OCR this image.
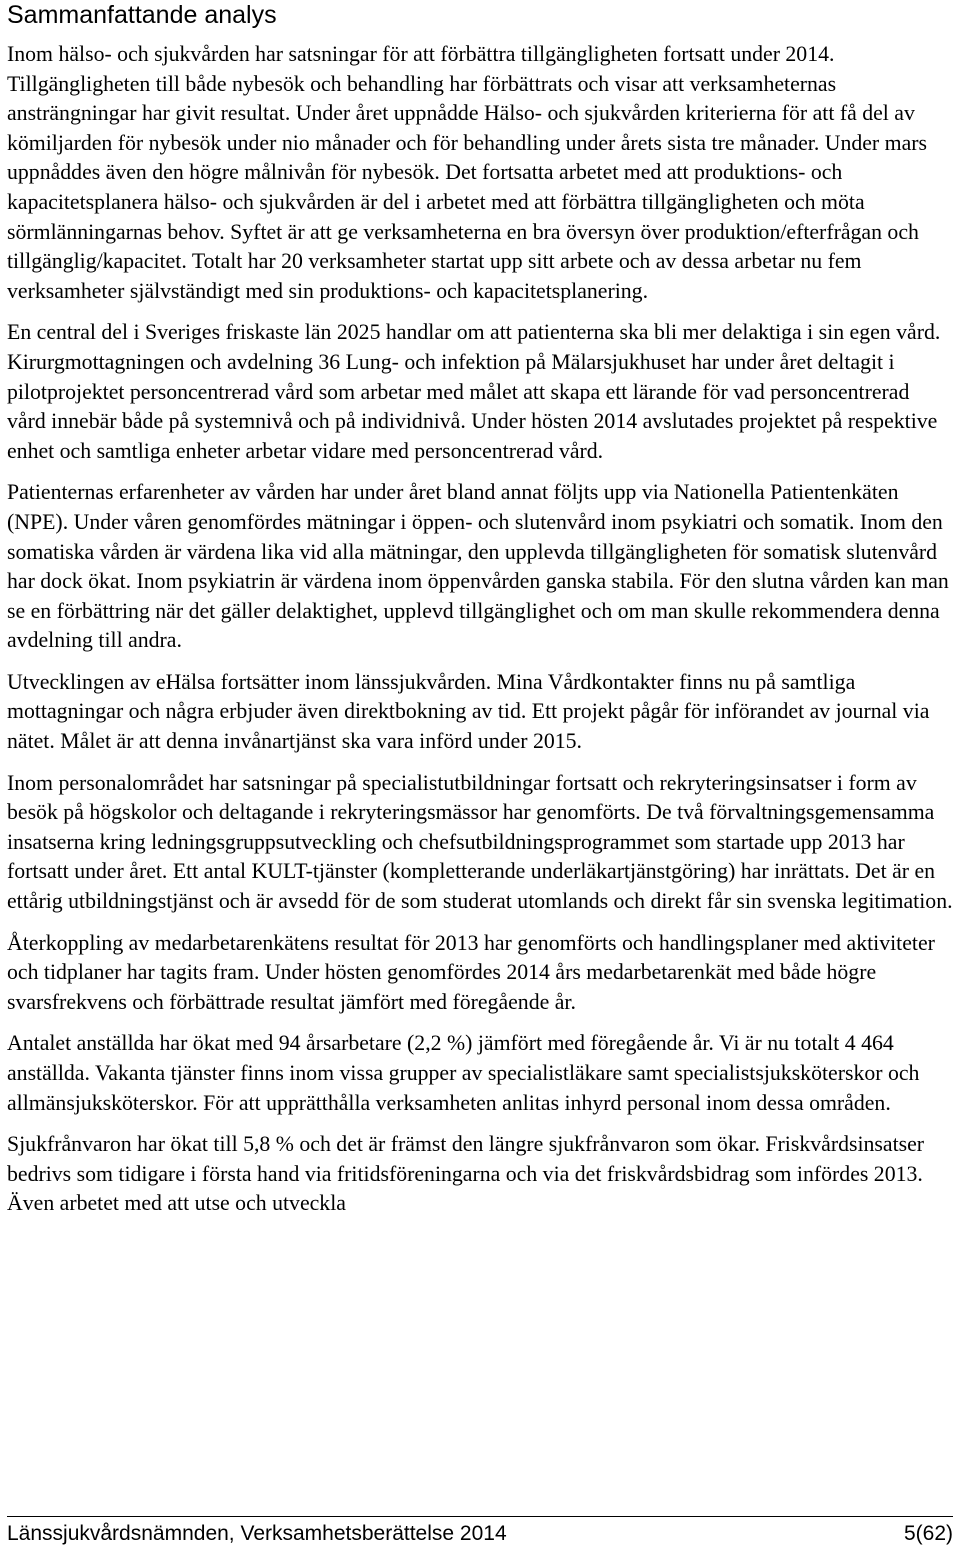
Sammanfattande analys

Inom hälso- och sjukvården har satsningar för att förbättra tillgängligheten fortsatt under 2014. Tillgängligheten till både nybesök och behandling har förbättrats och visar att verksamheternas ansträngningar har givit resultat. Under året uppnådde Hälso- och sjukvården kriterierna för att få del av kömiljarden för nybesök under nio månader och för behandling under årets sista tre månader. Under mars uppnåddes även den högre målnivån för nybesök. Det fortsatta arbetet med att produktions- och kapacitetsplanera hälso- och sjukvården är del i arbetet med att förbättra tillgängligheten och möta sörmlänningarnas behov. Syftet är att ge verksamheterna en bra översyn över produktion/efterfrågan och tillgänglig/kapacitet. Totalt har 20 verksamheter startat upp sitt arbete och av dessa arbetar nu fem verksamheter självständigt med sin produktions- och kapacitetsplanering.

En central del i Sveriges friskaste län 2025 handlar om att patienterna ska bli mer delaktiga i sin egen vård. Kirurgmottagningen och avdelning 36 Lung- och infektion på Mälarsjukhuset har under året deltagit i pilotprojektet personcentrerad vård som arbetar med målet att skapa ett lärande för vad personcentrerad vård innebär både på systemnivå och på individnivå. Under hösten 2014 avslutades projektet på respektive enhet och samtliga enheter arbetar vidare med personcentrerad vård.

Patienternas erfarenheter av vården har under året bland annat följts upp via Nationella Patientenkäten (NPE). Under våren genomfördes mätningar i öppen- och slutenvård inom psykiatri och somatik. Inom den somatiska vården är värdena lika vid alla mätningar, den upplevda tillgängligheten för somatisk slutenvård har dock ökat. Inom psykiatrin är värdena inom öppenvården ganska stabila. För den slutna vården kan man se en förbättring när det gäller delaktighet, upplevd tillgänglighet och om man skulle rekommendera denna avdelning till andra.

Utvecklingen av eHälsa fortsätter inom länssjukvården. Mina Vårdkontakter finns nu på samtliga mottagningar och några erbjuder även direktbokning av tid. Ett projekt pågår för införandet av journal via nätet. Målet är att denna invånartjänst ska vara införd under 2015.

Inom personalområdet har satsningar på specialistutbildningar fortsatt och rekryteringsinsatser i form av besök på högskolor och deltagande i rekryteringsmässor har genomförts. De två förvaltningsgemensamma insatserna kring ledningsgruppsutveckling och chefsutbildningsprogrammet som startade upp 2013 har fortsatt under året. Ett antal KULT-tjänster (kompletterande underläkartjänstgöring) har inrättats. Det är en ettårig utbildningstjänst och är avsedd för de som studerat utomlands och direkt får sin svenska legitimation.

Återkoppling av medarbetarenkätens resultat för 2013 har genomförts och handlingsplaner med aktiviteter och tidplaner har tagits fram. Under hösten genomfördes 2014 års medarbetarenkät med både högre svarsfrekvens och förbättrade resultat jämfört med föregående år.

Antalet anställda har ökat med 94 årsarbetare (2,2 %) jämfört med föregående år. Vi är nu totalt 4 464 anställda. Vakanta tjänster finns inom vissa grupper av specialistläkare samt specialistsjuksköterskor och allmänsjuksköterskor. För att upprätthålla verksamheten anlitas inhyrd personal inom dessa områden.

Sjukfrånvaron har ökat till 5,8 % och det är främst den längre sjukfrånvaron som ökar. Friskvårdsinsatser bedrivs som tidigare i första hand via fritidsföreningarna och via det friskvårdsbidrag som infördes 2013. Även arbetet med att utse och utveckla

Länssjukvårdsnämnden, Verksamhetsberättelse 2014	5(62)
